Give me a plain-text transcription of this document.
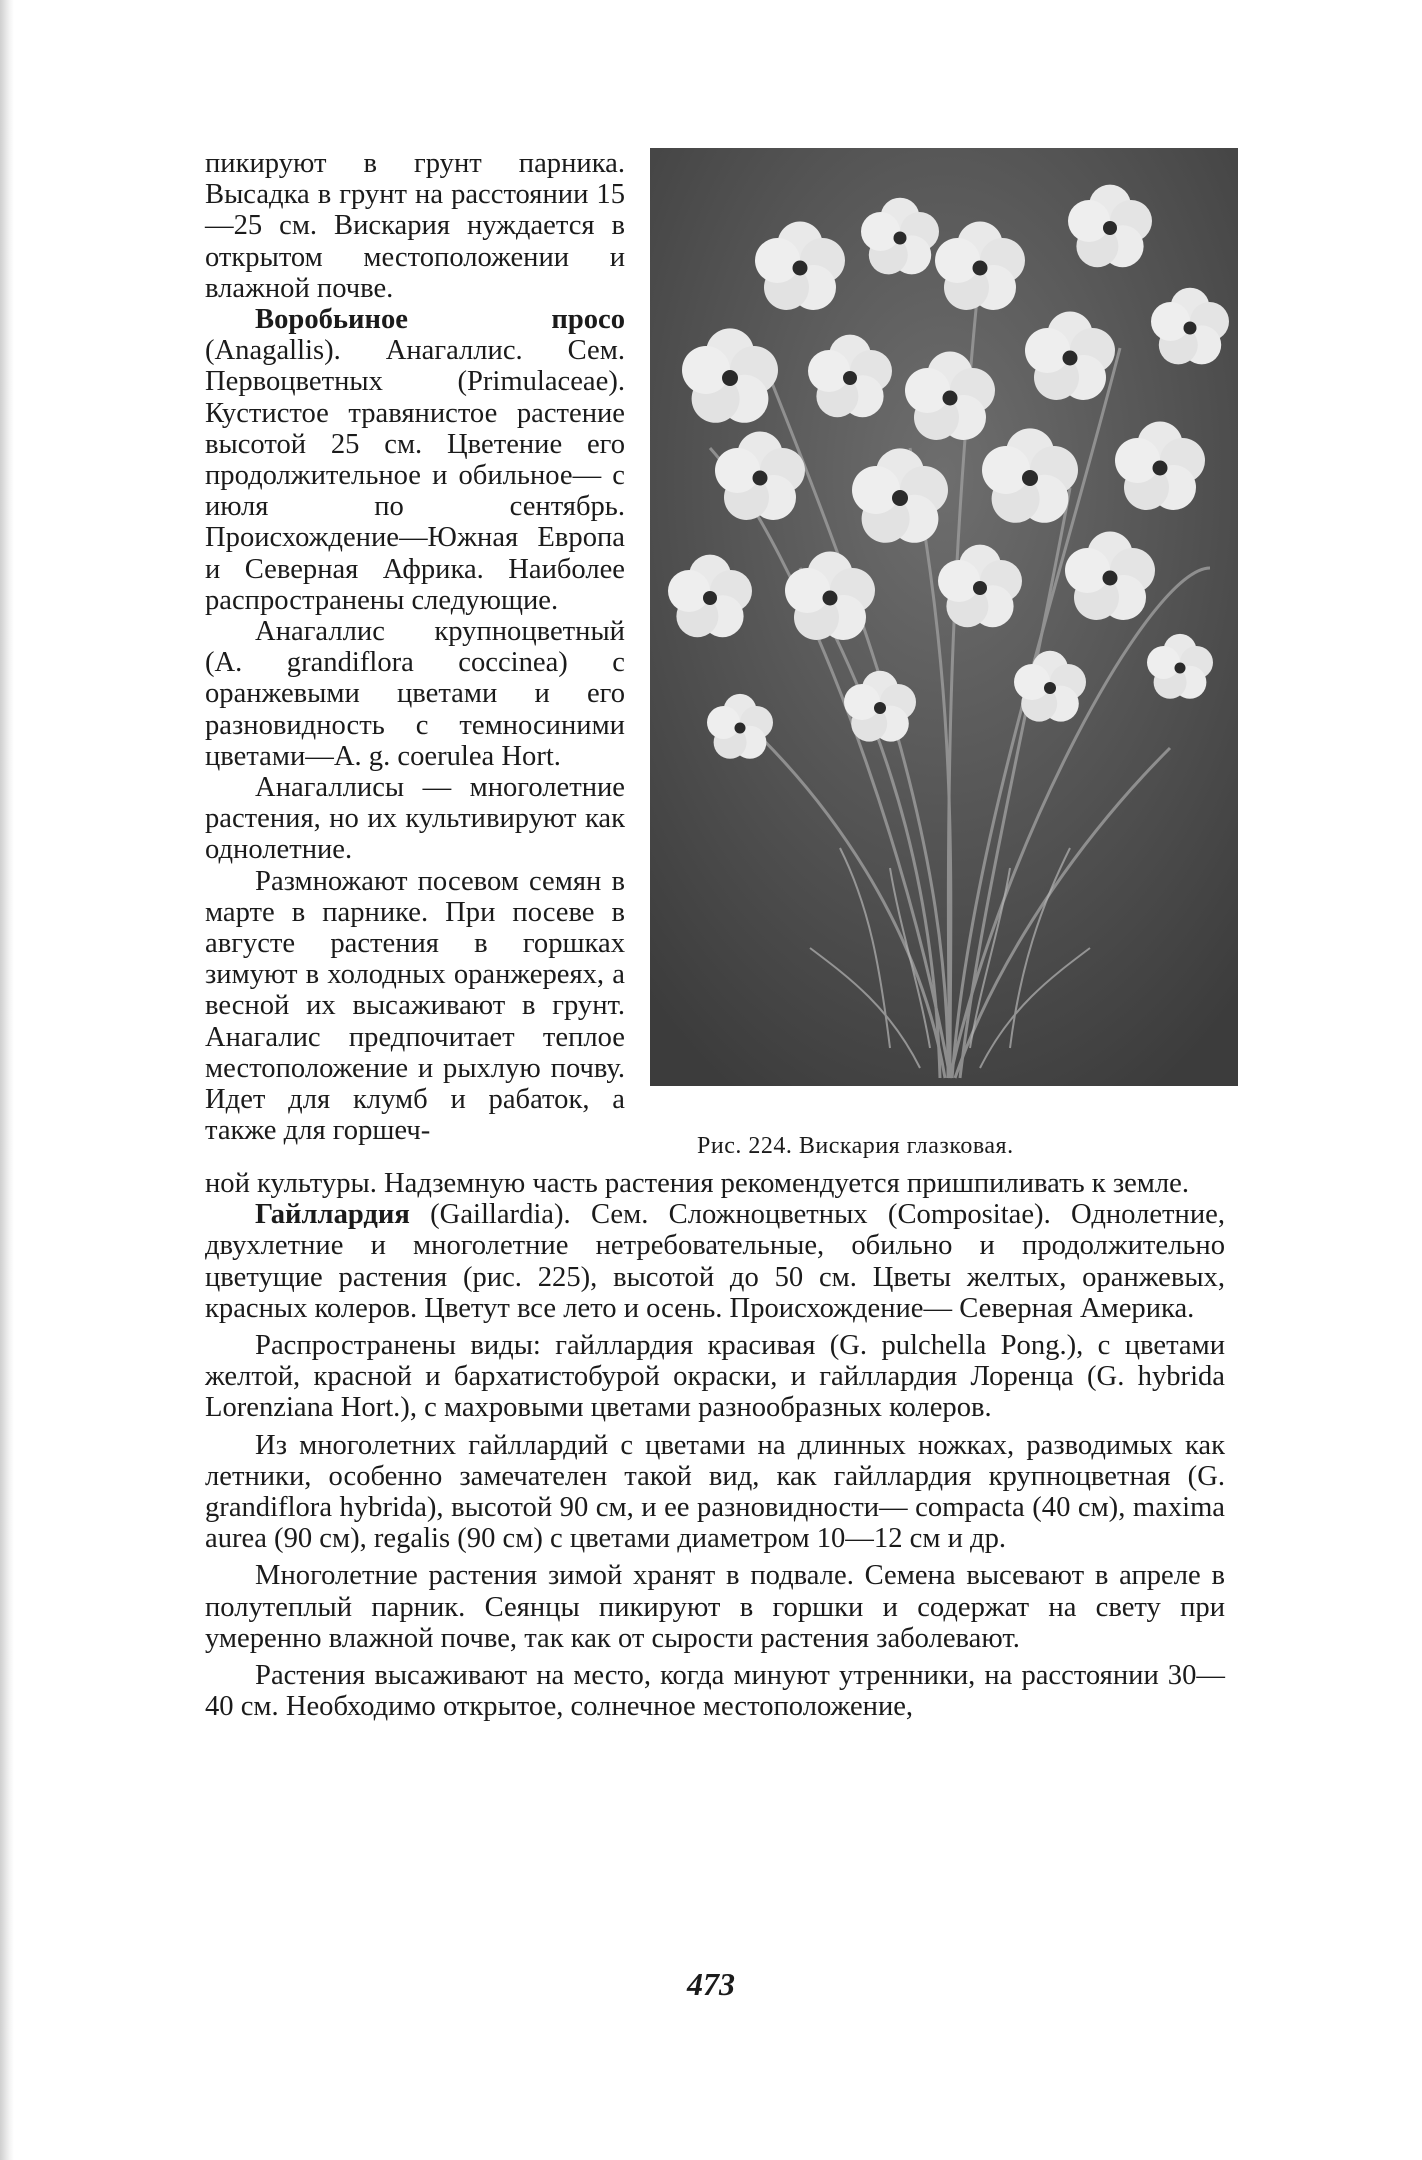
пикируют в грунт парника. Высадка в грунт на расстоянии 15—25 см. Вискария нуждается в открытом местоположении и влажной почве.

Воробьиное просо (Anagallis). Анагаллис. Сем. Первоцветных (Primulaceae). Кустистое травянистое растение высотой 25 см. Цветение его продолжительное и обильное— с июля по сентябрь. Происхождение—Южная Европа и Северная Африка. Наиболее распространены следующие.

Анагаллис крупноцветный (A. grandiflora coccinea) с оранжевыми цветами и его разновидность с темносиними цветами—A. g. coerulea Hort.

Анагаллисы — многолетние растения, но их культивируют как однолетние.

Размножают посевом семян в марте в парнике. При посеве в августе растения в горшках зимуют в холодных оранжереях, а весной их высаживают в грунт. Анагалис предпочитает теплое местоположение и рыхлую почву. Идет для клумб и рабаток, а также для горшеч-	Рис. 224. Вискария глазковая.

ной культуры. Надземную часть растения рекомендуется пришпиливать к земле.

Гайллардия (Gaillardia). Сем. Сложноцветных (Compositae). Однолетние, двухлетние и многолетние нетребовательные, обильно и продолжительно цветущие растения (рис. 225), высотой до 50 см. Цветы желтых, оранжевых, красных колеров. Цветут все лето и осень. Происхождение— Северная Америка.

Распространены виды: гайллардия красивая (G. pulchella Pong.), с цветами желтой, красной и бархатистобурой окраски, и гайллардия Лоренца (G. hybrida Lorenziana Hort.), с махровыми цветами разнообразных колеров.

Из многолетних гайллардий с цветами на длинных ножках, разводимых как летники, особенно замечателен такой вид, как гайллардия крупноцветная (G. grandiflora hybrida), высотой 90 см, и ее разновидности— compacta (40 см), maxima aurea (90 см), regalis (90 см) с цветами диаметром 10—12 см и др.

Многолетние растения зимой хранят в подвале. Семена высевают в апреле в полутеплый парник. Сеянцы пикируют в горшки и содержат на свету при умеренно влажной почве, так как от сырости растения заболевают.

Растения высаживают на место, когда минуют утренники, на расстоянии 30—40 см. Необходимо открытое, солнечное местоположение,

473
